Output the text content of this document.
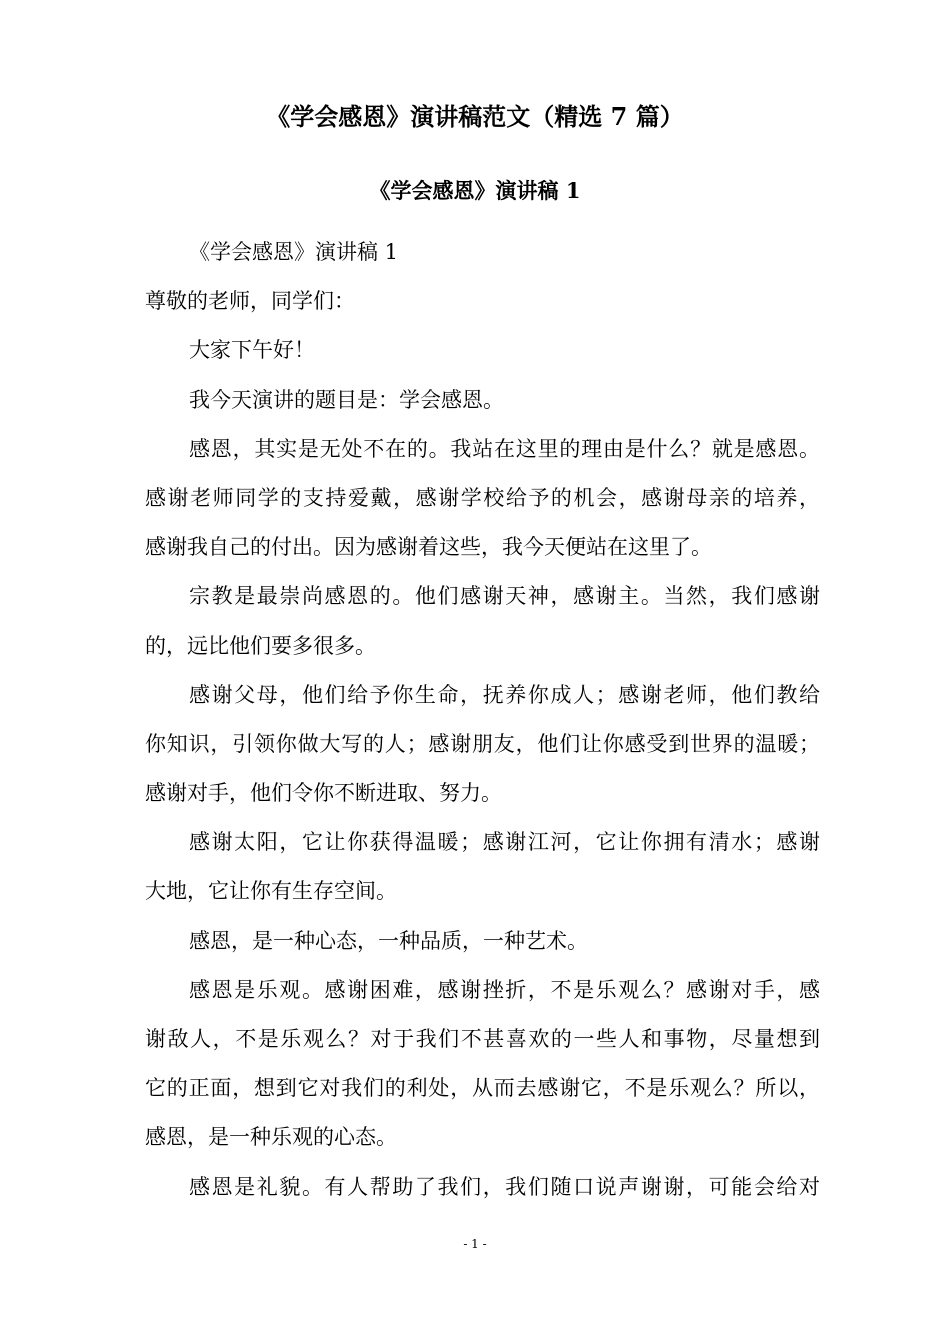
《学会感恩》演讲稿范文（精选 7 篇）
《学会感恩》演讲稿 1
《学会感恩》演讲稿 1
尊敬的老师，同学们：
大家下午好！
我今天演讲的题目是：学会感恩。
感恩，其实是无处不在的。我站在这里的理由是什么？就是感恩。
感谢老师同学的支持爱戴，感谢学校给予的机会，感谢母亲的培养，
感谢我自己的付出。因为感谢着这些，我今天便站在这里了。
宗教是最崇尚感恩的。他们感谢天神，感谢主。当然，我们感谢
的，远比他们要多很多。
感谢父母，他们给予你生命，抚养你成人；感谢老师，他们教给
你知识，引领你做大写的人；感谢朋友，他们让你感受到世界的温暖；
感谢对手，他们令你不断进取、努力。
感谢太阳，它让你获得温暖；感谢江河，它让你拥有清水；感谢
大地，它让你有生存空间。
感恩，是一种心态，一种品质，一种艺术。
感恩是乐观。感谢困难，感谢挫折，不是乐观么？感谢对手，感
谢敌人，不是乐观么？对于我们不甚喜欢的一些人和事物，尽量想到
它的正面，想到它对我们的利处，从而去感谢它，不是乐观么？所以，
感恩，是一种乐观的心态。
感恩是礼貌。有人帮助了我们，我们随口说声谢谢，可能会给对
- 1 -
